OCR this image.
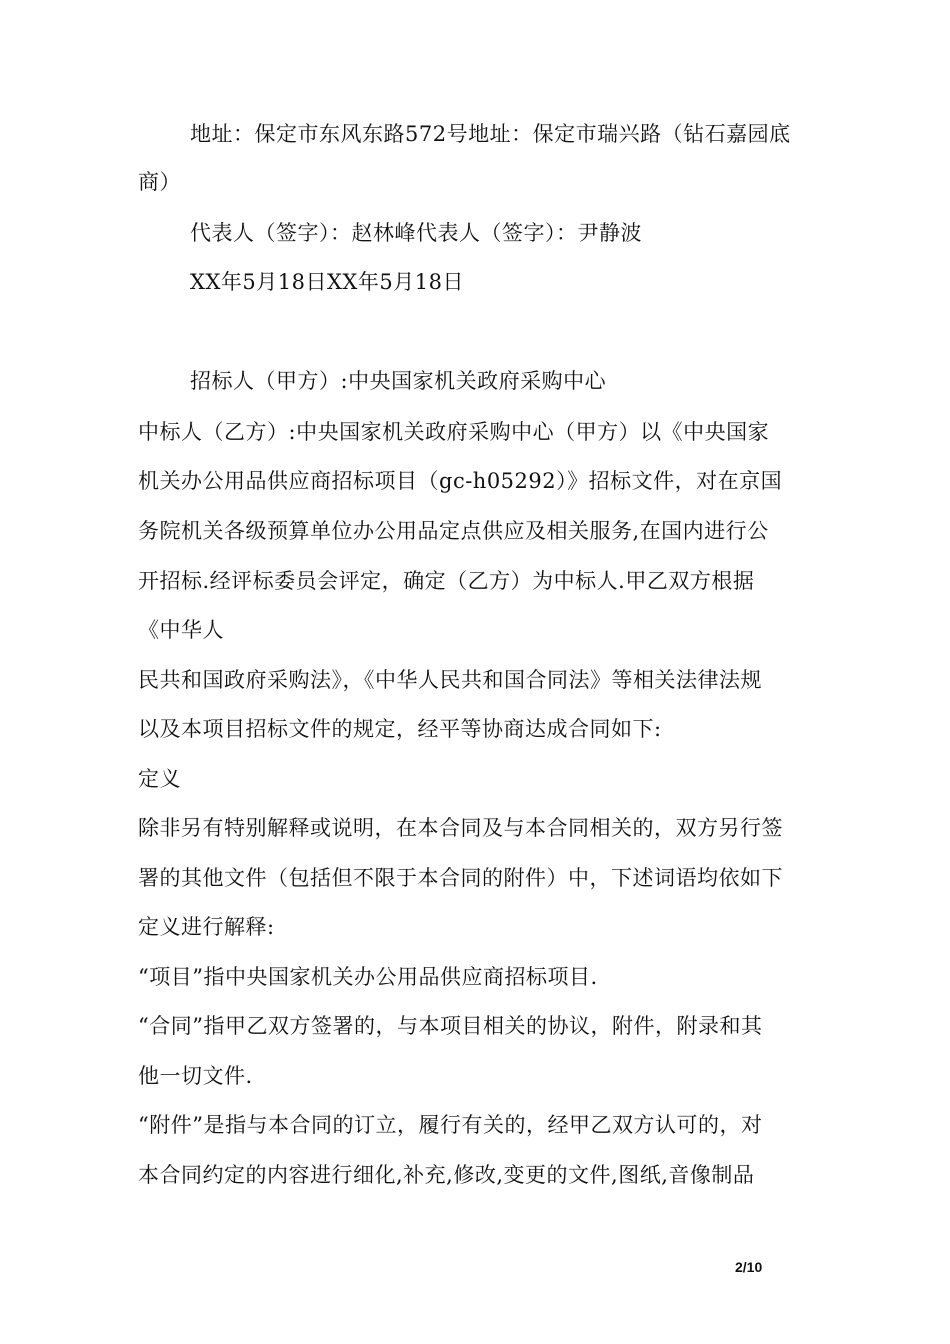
地址：保定市东风东路572号地址：保定市瑞兴路（钻石嘉园底
商）
代表人（签字）：赵林峰代表人（签字）：尹静波
XX年5月18日XX年5月18日
招标人（甲方）:中央国家机关政府采购中心
中标人（乙方）:中央国家机关政府采购中心（甲方）以《中央国家
机关办公用品供应商招标项目（gc-h05292）》招标文件，对在京国
务院机关各级预算单位办公用品定点供应及相关服务,在国内进行公
开招标.经评标委员会评定，确定（乙方）为中标人.甲乙双方根据
《中华人
民共和国政府采购法》，《中华人民共和国合同法》等相关法律法规
以及本项目招标文件的规定，经平等协商达成合同如下:
定义
除非另有特别解释或说明，在本合同及与本合同相关的，双方另行签
署的其他文件（包括但不限于本合同的附件）中，下述词语均依如下
定义进行解释:
“项目”指中央国家机关办公用品供应商招标项目.
“合同”指甲乙双方签署的，与本项目相关的协议，附件，附录和其
他一切文件.
“附件”是指与本合同的订立，履行有关的，经甲乙双方认可的，对
本合同约定的内容进行细化,补充,修改,变更的文件,图纸,音像制品
2/10
